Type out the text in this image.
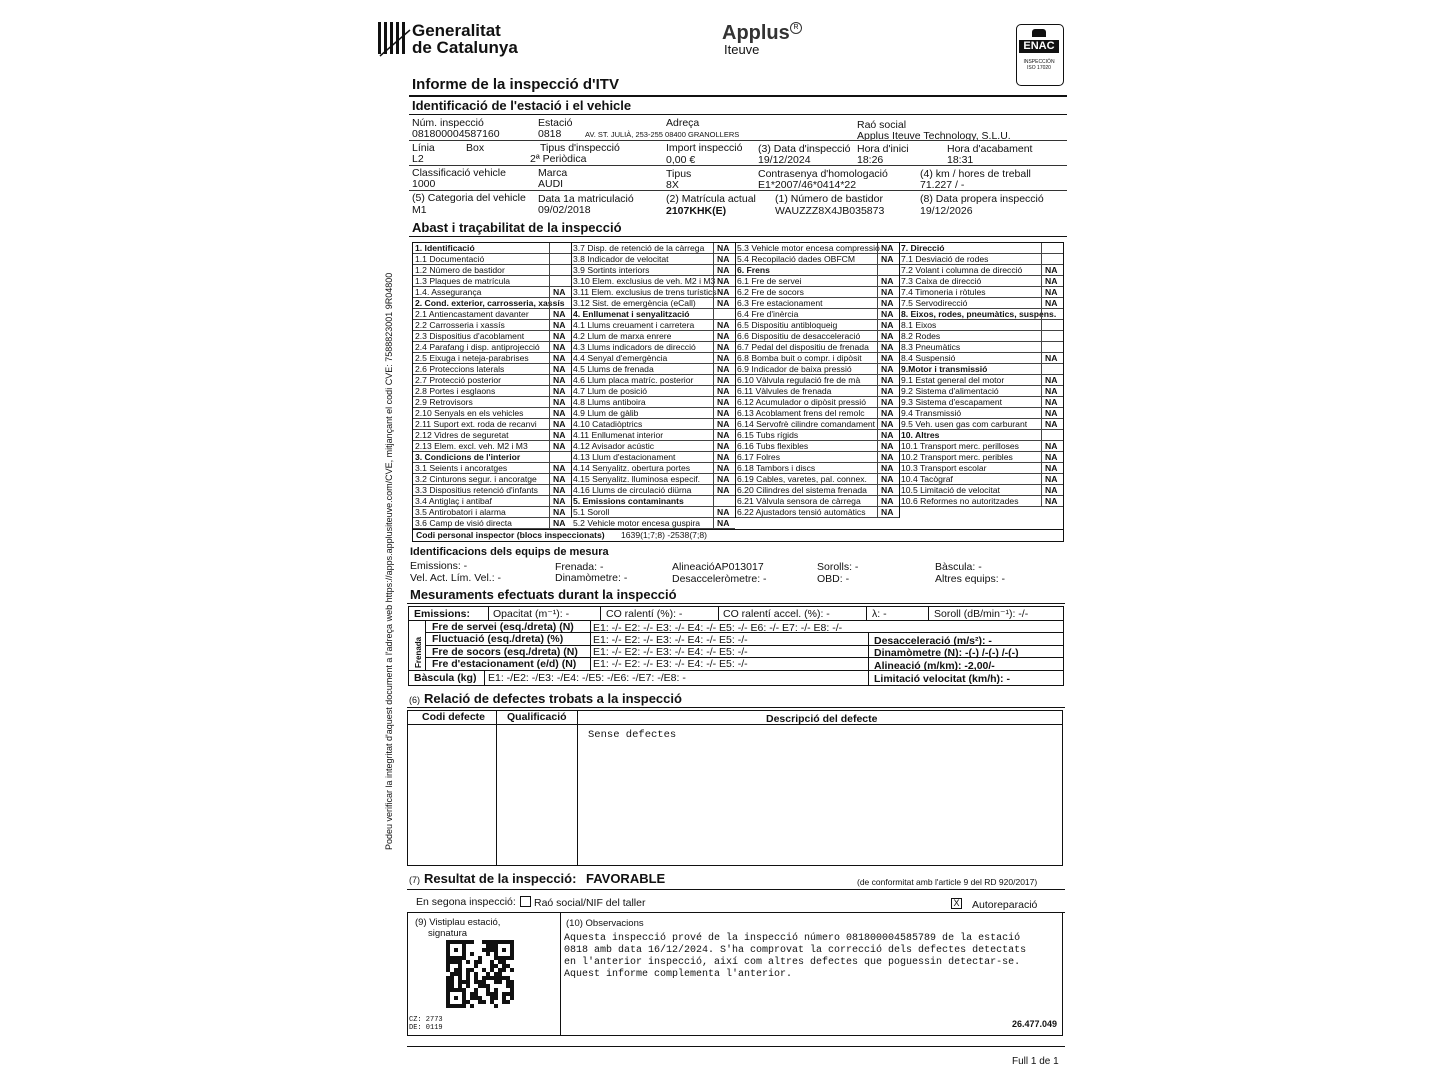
Generalitat
de Catalunya
Applus R
Iteuve	ENAC
INSPECCIÓN ISO 17020
Podeu verificar la integritat d'aquest document a l'adreça web https://apps.applusiteuve.com/CVE, mitjançant el codi CVE: 7588823001 9R04800
Informe de la inspecció d'ITV
Identificació de l'estació i el vehicle
Núm. inspecció
081800004587160
Estació
0818
Adreça
AV. ST. JULIÀ, 253-255 08400 GRANOLLERS
Raó social
Applus Iteuve Technology, S.L.U.
Línia
L2
Box	Tipus d'inspecció
2ª Periòdica
Import inspecció
0,00 €
(3) Data d'inspecció
19/12/2024
Hora d'inici
18:26
Hora d'acabament
18:31
Classificació vehicle
1000
Marca
AUDI
Tipus
8X
Contrasenya d'homologació
E1*2007/46*0414*22
(4) km / hores de treball
71.227 / -
(5) Categoria del vehicle
M1
Data 1a matriculació
09/02/2018
(2) Matrícula actual
2107KHK(E)
(1) Número de bastidor
WAUZZZ8X4JB035873
(8) Data propera inspecció
19/12/2026
Abast i traçabilitat de la inspecció
1. Identificació
1.1 Documentació
1.2 Número de bastidor
1.3 Plaques de matrícula
1.4. Assegurança	NA
2. Cond. exterior, carrosseria, xassís
2.1 Antiencastament davanter	NA
2.2 Carrosseria i xassís	NA
2.3 Dispositius d'acoblament	NA
2.4 Parafang i disp. antiprojecció NA
2.5 Eixuga i neteja-parabrises	NA
2.6 Proteccions laterals	NA
2.7 Protecció posterior	NA
2.8 Portes i esglaons	NA
2.9 Retrovisors	NA
2.10 Senyals en els vehicles	NA
2.11 Suport ext. roda de recanvi NA
2.12 Vidres de seguretat	NA
2.13 Elem. excl. veh. M2 i M3	NA
3. Condicions de l'interior
3.1 Seients i ancoratges	NA
3.2 Cinturons segur. i ancoratge NA
3.3 Dispositius retenció d'infants NA
3.4 Antiglaç i antibaf	NA
3.5 Antirobatori i alarma	NA
3.6 Camp de visió directa	NA
3.7 Disp. de retenció de la càrrega NA
3.8 Indicador de velocitat	NA
3.9 Sortints interiors	NA
3.10 Elem. exclusius de veh. M2 i M3 NA
3.11 Elem. exclusius de trens turístics NA
3.12 Sist. de emergència (eCall) NA
4. Enllumenat i senyalització
4.1 Llums creuament i carretera	NA
4.2 Llum de marxa enrere	NA
4.3 Llums indicadors de direcció NA
4.4 Senyal d'emergència	NA
4.5 Llums de frenada	NA
4.6 Llum placa matríc. posterior	NA
4.7 Llum de posició	NA
4.8 Llums antiboira	NA
4.9 Llum de gàlib	NA
4.10 Catadiòptrics	NA
4.11 Enllumenat interior	NA
4.12 Avisador acústic	NA
4.13 Llum d'estacionament	NA
4.14 Senyalitz. obertura portes	NA
4.15 Senyalitz. lluminosa especif. NA
4.16 Llums de circulació diürna	NA
5. Emissions contaminants
5.1 Soroll	NA
5.2 Vehicle motor encesa guspira NA
5.3 Vehicle motor encesa compressió NA
5.4 Recopilació dades OBFCM	NA
6. Frens
6.1 Fre de servei	NA
6.2 Fre de socors	NA
6.3 Fre estacionament	NA
6.4 Fre d'inèrcia	NA
6.5 Dispositiu antibloqueig	NA
6.6 Dispositiu de desacceleració NA
6.7 Pedal del dispositiu de frenada NA
6.8 Bomba buit o compr. i dipòsit NA
6.9 Indicador de baixa pressió	NA
6.10 Vàlvula regulació fre de mà NA
6.11 Vàlvules de frenada	NA
6.12 Acumulador o dipòsit pressió NA
6.13 Acoblament frens del remolc NA
6.14 Servofrè cilindre comandament NA
6.15 Tubs rígids	NA
6.16 Tubs flexibles	NA
6.17 Folres	NA
6.18 Tambors i discs	NA
6.19 Cables, varetes, pal. connex. NA
6.20 Cilindres del sistema frenada NA
6.21 Vàlvula sensora de càrrega NA
6.22 Ajustadors tensió automàtics NA
7. Direcció
7.1 Desviació de rodes
7.2 Volant i columna de direcció	NA
7.3 Caixa de direcció	NA
7.4 Timoneria i ròtules	NA
7.5 Servodirecció	NA
8. Eixos, rodes, pneumàtics, suspens.
8.1 Eixos
8.2 Rodes
8.3 Pneumàtics
8.4 Suspensió	NA
9.Motor i transmissió
9.1 Estat general del motor	NA
9.2 Sistema d'alimentació	NA
9.3 Sistema d'escapament	NA
9.4 Transmissió	NA
9.5 Veh. usen gas com carburant NA
10. Altres
10.1 Transport merc. perilloses	NA
10.2 Transport merc. peribles	NA
10.3 Transport escolar	NA
10.4 Tacògraf	NA
10.5 Limitació de velocitat	NA
10.6 Reformes no autoritzades	NA
Codi personal inspector (blocs inspeccionats) 1639(1;7;8) -2538(7;8)
Identificacions dels equips de mesura
Emissions: -	Frenada: -	AlineacióAP013017	Sorolls: -	Bàscula: -
Vel. Act. Lím. Vel.: -	Dinamòmetre: -	Desacceleròmetre: -	OBD: -	Altres equips: -
Mesuraments efectuats durant la inspecció
Emissions: Opacitat (m⁻¹): -	CO ralentí (%): -	CO ralentí accel. (%): -	λ: -	Soroll (dB/min⁻¹): -/-
Frenada
Fre de servei (esq./dreta) (N) E1: -/- E2: -/- E3: -/- E4: -/- E5: -/- E6: -/- E7: -/- E8: -/-
Fluctuació (esq./dreta) (%)	E1: -/- E2: -/- E3: -/- E4: -/- E5: -/-	Desacceleració (m/s²): -
Fre de socors (esq./dreta) (N) E1: -/- E2: -/- E3: -/- E4: -/- E5: -/-	Dinamòmetre (N): -(-) /-(-) /-(-)
Fre d'estacionament (e/d) (N) E1: -/- E2: -/- E3: -/- E4: -/- E5: -/-	Alineació (m/km): -2,00/-
Bàscula (kg) E1: -/E2: -/E3: -/E4: -/E5: -/E6: -/E7: -/E8: -	Limitació velocitat (km/h): -
(6) Relació de defectes trobats a la inspecció
Codi defecte Qualificació	Descripció del defecte
Sense defectes
(7) Resultat de la inspecció: FAVORABLE	(de conformitat amb l'article 9 del RD 920/2017)
En segona inspecció: Raó social/NIF del taller	X Autoreparació
(9) Vistiplau estació,
signatura
CZ: 2773
DE: 0119
(10) Observacions
Aquesta inspecció prové de la inspecció número 081800004585789 de la estació
0818 amb data 16/12/2024. S'ha comprovat la correcció dels defectes detectats
en l'anterior inspecció, així com altres defectes que poguessin detectar-se.
Aquest informe complementa l'anterior.
26.477.049
Full 1 de 1
